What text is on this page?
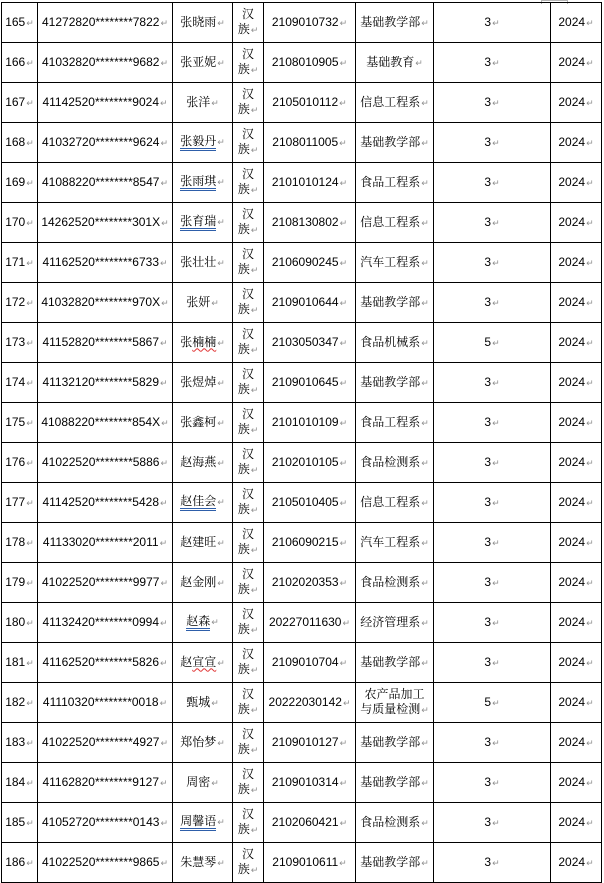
165↵	41272820********7822↵	张晓雨↵	汉
族↵	2109010732↵	基础教学部↵	3↵	2024↵
166↵	41032820********9682↵	张亚妮↵	汉
族↵	2108010905↵	基础教育↵	3↵	2024↵
167↵	41142520********9024↵	张洋↵	汉
族↵	2105010112↵	信息工程系↵	3↵	2024↵
168↵	41032720********9624↵	张毅丹↵	汉
族↵	2108011005↵	基础教学部↵	3↵	2024↵
169↵	41088220********8547↵	张雨琪↵	汉
族↵	2101010124↵	食品工程系↵	3↵	2024↵
170↵	14262520********301X↵	张育瑞↵	汉
族↵	2108130802↵	信息工程系↵	3↵	2024↵
171↵	41162520********6733↵	张壮壮↵	汉
族↵	2106090245↵	汽车工程系↵	3↵	2024↵
172↵	41032820********970X↵	张妍↵	汉
族↵	2109010644↵	基础教学部↵	3↵	2024↵
173↵	41152820********5867↵	张楠楠↵	汉
族↵	2103050347↵	食品机械系↵	5↵	2024↵
174↵	41132120********5829↵	张煜焯↵	汉
族↵	2109010645↵	基础教学部↵	3↵	2024↵
175↵	41088220********854X↵	张鑫柯↵	汉
族↵	2101010109↵	食品工程系↵	3↵	2024↵
176↵	41022520********5886↵	赵海燕↵	汉
族↵	2102010105↵	食品检测系↵	3↵	2024↵
177↵	41142520********5428↵	赵佳会↵	汉
族↵	2105010405↵	信息工程系↵	3↵	2024↵
178↵	41133020********2011↵	赵建旺↵	汉
族↵	2106090215↵	汽车工程系↵	3↵	2024↵
179↵	41022520********9977↵	赵金刚↵	汉
族↵	2102020353↵	食品检测系↵	3↵	2024↵
180↵	41132420********0994↵	赵森↵	汉
族↵	20227011630↵	经济管理系↵	3↵	2024↵
181↵	41162520********5826↵	赵宣宣↵	汉
族↵	2109010704↵	基础教学部↵	3↵	2024↵
182↵	41110320********0018↵	甄城↵	汉
族↵	20222030142↵	农产品加工
与质量检测↵	5↵	2024↵
183↵	41022520********4927↵	郑怡梦↵	汉
族↵	2109010127↵	基础教学部↵	3↵	2024↵
184↵	41162820********9127↵	周密↵	汉
族↵	2109010314↵	基础教学部↵	3↵	2024↵
185↵	41052720********0143↵	周馨语↵	汉
族↵	2102060421↵	食品检测系↵	3↵	2024↵
186↵	41022520********9865↵	朱慧琴↵	汉
族↵	2109010611↵	基础教学部↵	3↵	2024↵
